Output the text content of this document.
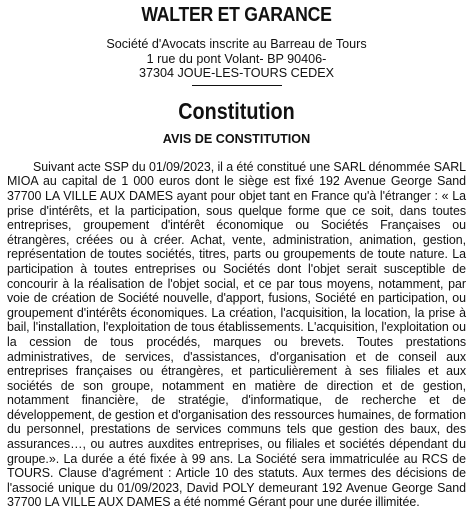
WALTER ET GARANCE
Société d'Avocats inscrite au Barreau de Tours
1 rue du pont Volant- BP 90406-
37304 JOUE-LES-TOURS CEDEX
Constitution
AVIS DE CONSTITUTION
Suivant acte SSP du 01/09/2023, il a été constitué une SARL dénommée SARL MIOA au capital de 1 000 euros dont le siège est fixé 192 Avenue George Sand 37700 LA VILLE AUX DAMES ayant pour objet tant en France qu'à l'étranger : « La prise d'intérêts, et la participation, sous quelque forme que ce soit, dans toutes entreprises, groupement d'intérêt économique ou Sociétés Françaises ou étrangères, créées ou à créer. Achat, vente, administration, animation, gestion, représentation de toutes sociétés, titres, parts ou groupements de toute nature. La participation à toutes entreprises ou Sociétés dont l'objet serait susceptible de concourir à la réalisation de l'objet social, et ce par tous moyens, notamment, par voie de création de Société nouvelle, d'apport, fusions, Société en participation, ou groupement d'intérêts économiques. La création, l'acquisition, la location, la prise à bail, l'installation, l'exploitation de tous établissements. L'acquisition, l'exploitation ou la cession de tous procédés, marques ou brevets. Toutes prestations administratives, de services, d'assistances, d'organisation et de conseil aux entreprises françaises ou étrangères, et particulièrement à ses filiales et aux sociétés de son groupe, notamment en matière de direction et de gestion, notamment financière, de stratégie, d'informatique, de recherche et de développement, de gestion et d'organisation des ressources humaines, de formation du personnel, prestations de services communs tels que gestion des baux, des assurances…, ou autres auxdites entreprises, ou filiales et sociétés dépendant du groupe.». La durée a été fixée à 99 ans. La Société sera immatriculée au RCS de TOURS. Clause d'agrément : Article 10 des statuts. Aux termes des décisions de l'associé unique du 01/09/2023, David POLY demeurant 192 Avenue George Sand 37700 LA VILLE AUX DAMES a été nommé Gérant pour une durée illimitée.
